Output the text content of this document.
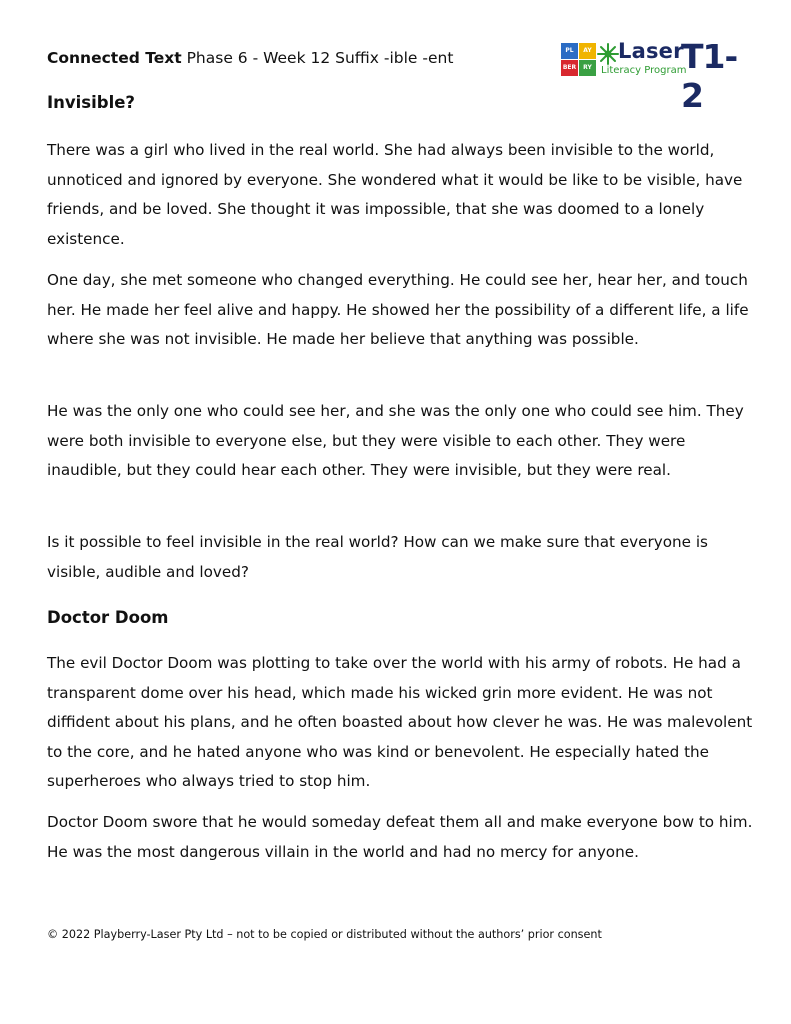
Connected Text Phase 6 - Week 12 Suffix -ible -ent	PL	AY
BER	RY
Laser
Literacy Program
T1-2
Invisible?

There was a girl who lived in the real world. She had always been invisible to the world, unnoticed and ignored by everyone. She wondered what it would be like to be visible, have friends, and be loved. She thought it was impossible, that she was doomed to a lonely existence.

One day, she met someone who changed everything. He could see her, hear her, and touch her. He made her feel alive and happy. He showed her the possibility of a different life, a life where she was not invisible. He made her believe that anything was possible.

He was the only one who could see her, and she was the only one who could see him. They were both invisible to everyone else, but they were visible to each other. They were inaudible, but they could hear each other. They were invisible, but they were real.

Is it possible to feel invisible in the real world? How can we make sure that everyone is visible, audible and loved?

Doctor Doom

The evil Doctor Doom was plotting to take over the world with his army of robots. He had a transparent dome over his head, which made his wicked grin more evident. He was not diffident about his plans, and he often boasted about how clever he was. He was malevolent to the core, and he hated anyone who was kind or benevolent. He especially hated the superheroes who always tried to stop him.

Doctor Doom swore that he would someday defeat them all and make everyone bow to him. He was the most dangerous villain in the world and had no mercy for anyone.

© 2022 Playberry-Laser Pty Ltd – not to be copied or distributed without the authors’ prior consent
